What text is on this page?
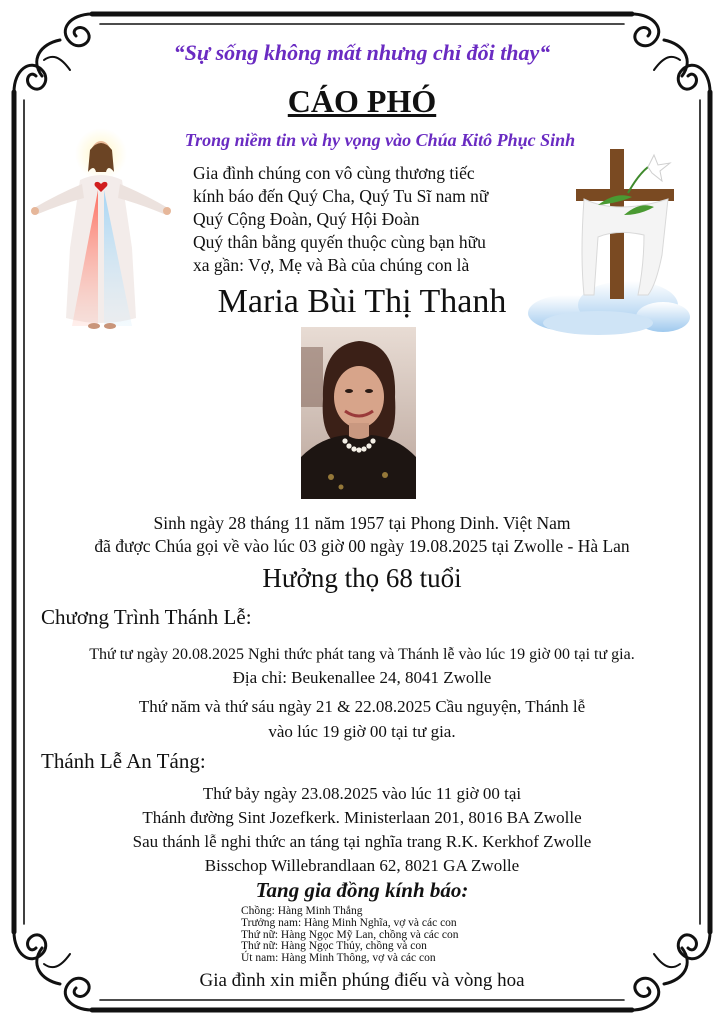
“Sự sống không mất nhưng chỉ đổi thay“
CÁO PHÓ
Trong niềm tin và hy vọng vào Chúa Kitô Phục Sinh
Gia đình chúng con vô cùng thương tiếc
kính báo đến Quý Cha, Quý Tu Sĩ nam nữ
Quý Cộng Đoàn, Quý Hội Đoàn
Quý thân bằng quyến thuộc cùng bạn hữu
xa gần: Vợ, Mẹ và Bà của chúng con là
Maria Bùi Thị Thanh
Sinh ngày 28 tháng 11 năm 1957 tại Phong Dinh. Việt Nam
đã được Chúa gọi về vào lúc 03 giờ 00 ngày 19.08.2025 tại Zwolle - Hà Lan
Hưởng thọ 68 tuổi
Chương Trình Thánh Lễ:
Thứ tư ngày 20.08.2025 Nghi thức phát tang và Thánh lễ vào lúc 19 giờ 00 tại tư gia.
Địa chỉ: Beukenallee 24, 8041 Zwolle
Thứ năm và thứ sáu ngày 21 & 22.08.2025 Cầu nguyện, Thánh lễ
vào lúc 19 giờ 00 tại tư gia.
Thánh Lễ An Táng:
Thứ bảy ngày 23.08.2025 vào lúc 11 giờ 00 tại
Thánh đường Sint Jozefkerk. Ministerlaan 201, 8016 BA Zwolle
Sau thánh lễ nghi thức an táng tại nghĩa trang R.K. Kerkhof Zwolle
Bisschop Willebrandlaan 62, 8021 GA Zwolle
Tang gia đồng kính báo:
Chồng: Hàng Minh Thắng
Trưởng nam: Hàng Minh Nghĩa, vợ và các con
Thứ nữ: Hàng Ngọc Mỹ Lan, chồng và các con
Thứ nữ: Hàng Ngọc Thủy, chồng và con
Út nam: Hàng Minh Thông, vợ và các con
Gia đình xin miễn phúng điếu và vòng hoa
